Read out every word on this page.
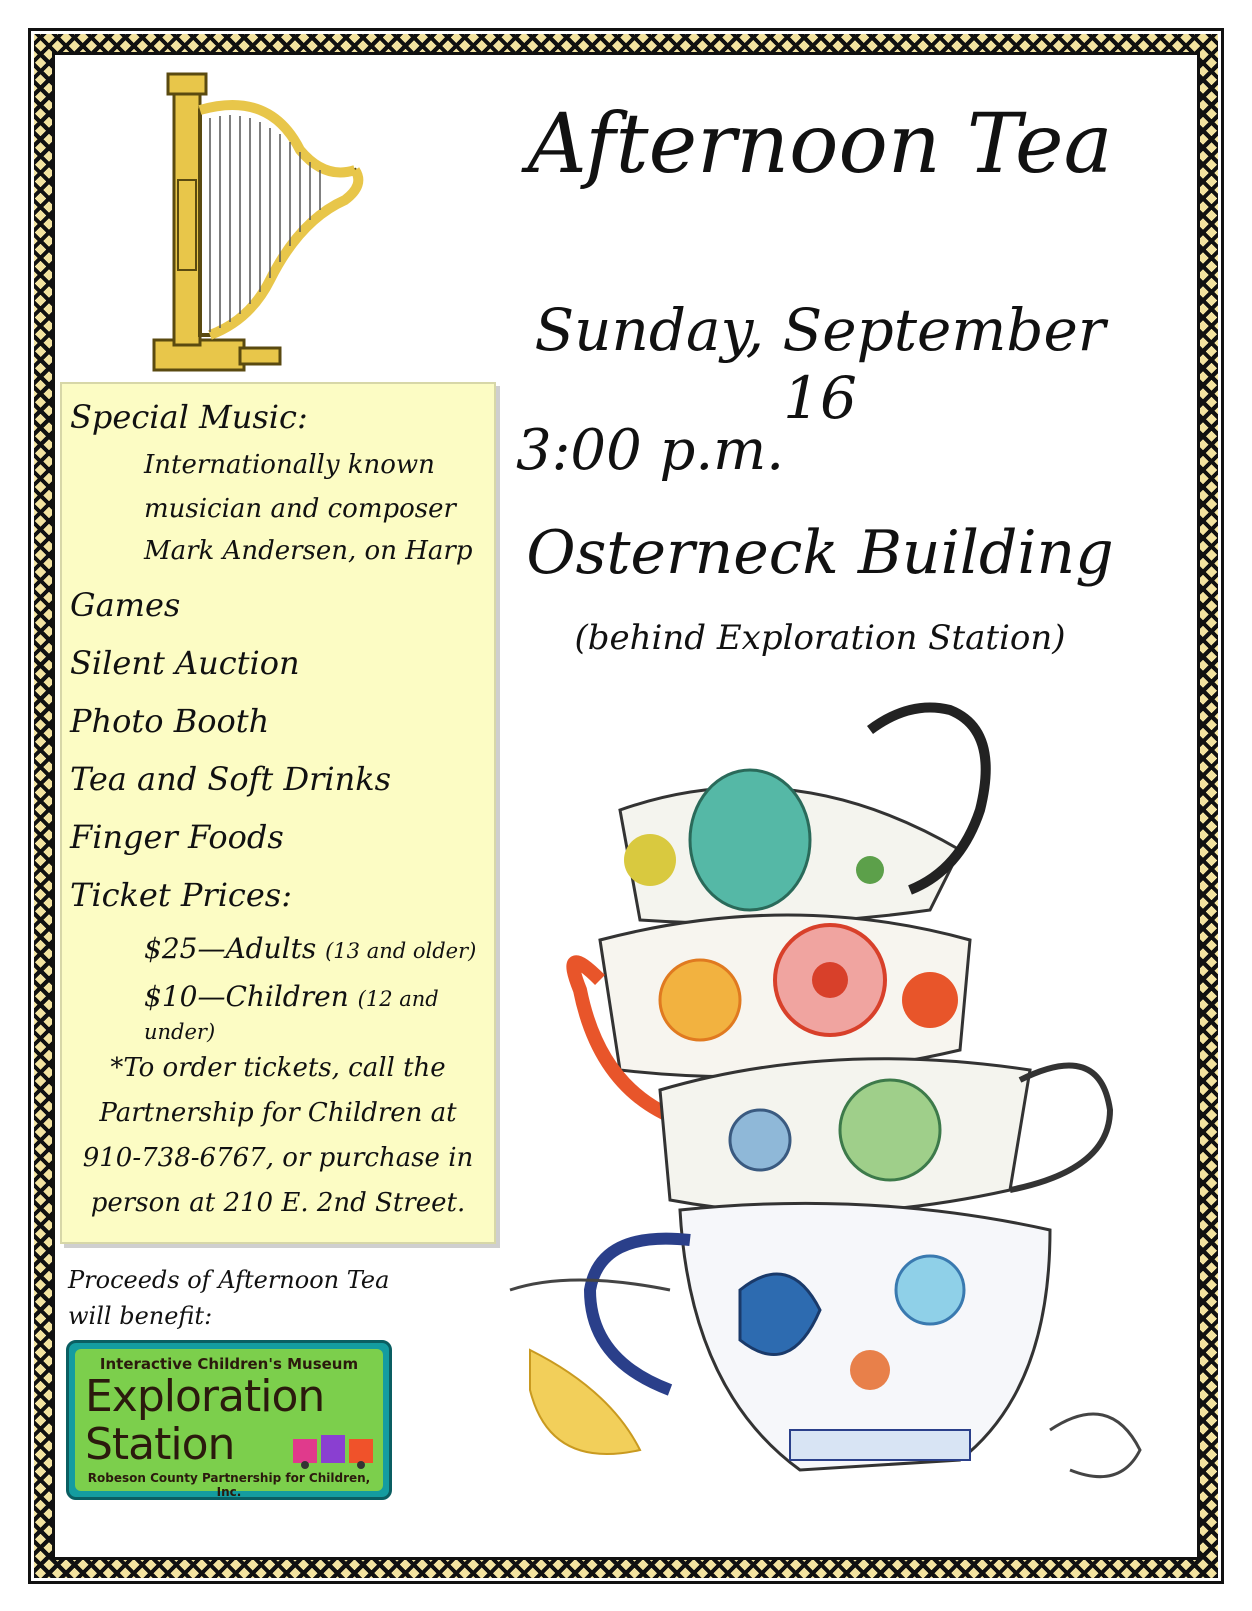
Afternoon Tea
Sunday, September 16
3:00 p.m.
Osterneck Building
(behind Exploration Station)
Special Music:
Internationally known
musician and composer
Mark Andersen, on Harp
Games
Silent Auction
Photo Booth
Tea and Soft Drinks
Finger Foods
Ticket Prices:
$25—Adults (13 and older)
$10—Children (12 and under)
*To order tickets, call the
Partnership for Children at
910-738-6767, or purchase in
person at 210 E. 2nd Street.
Proceeds of Afternoon Tea
will benefit:
Interactive Children's Museum
Exploration
Station
Robeson County Partnership for Children, Inc.
